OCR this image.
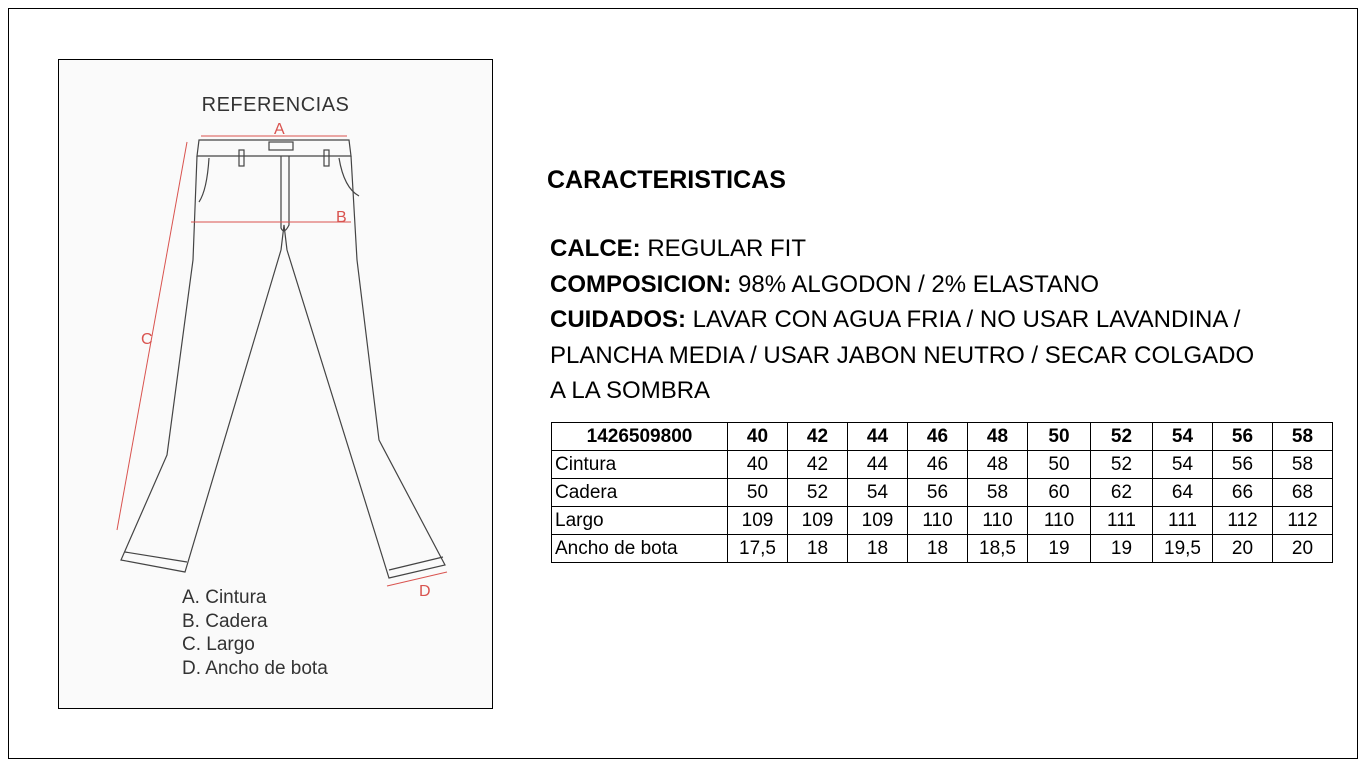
REFERENCIAS
A
B
C
D
A. Cintura
B. Cadera
C. Largo
D. Ancho de bota
CARACTERISTICAS
CALCE: REGULAR FIT
COMPOSICION: 98% ALGODON / 2% ELASTANO
CUIDADOS: LAVAR CON AGUA FRIA / NO USAR LAVANDINA /
PLANCHA MEDIA / USAR JABON NEUTRO / SECAR COLGADO
A LA SOMBRA
1426509800	40	42	44	46	48	50	52	54	56	58
Cintura	40	42	44	46	48	50	52	54	56	58
Cadera	50	52	54	56	58	60	62	64	66	68
Largo	109	109	109	110	110	110	111	111	112	112
Ancho de bota	17,5	18	18	18	18,5	19	19	19,5	20	20
